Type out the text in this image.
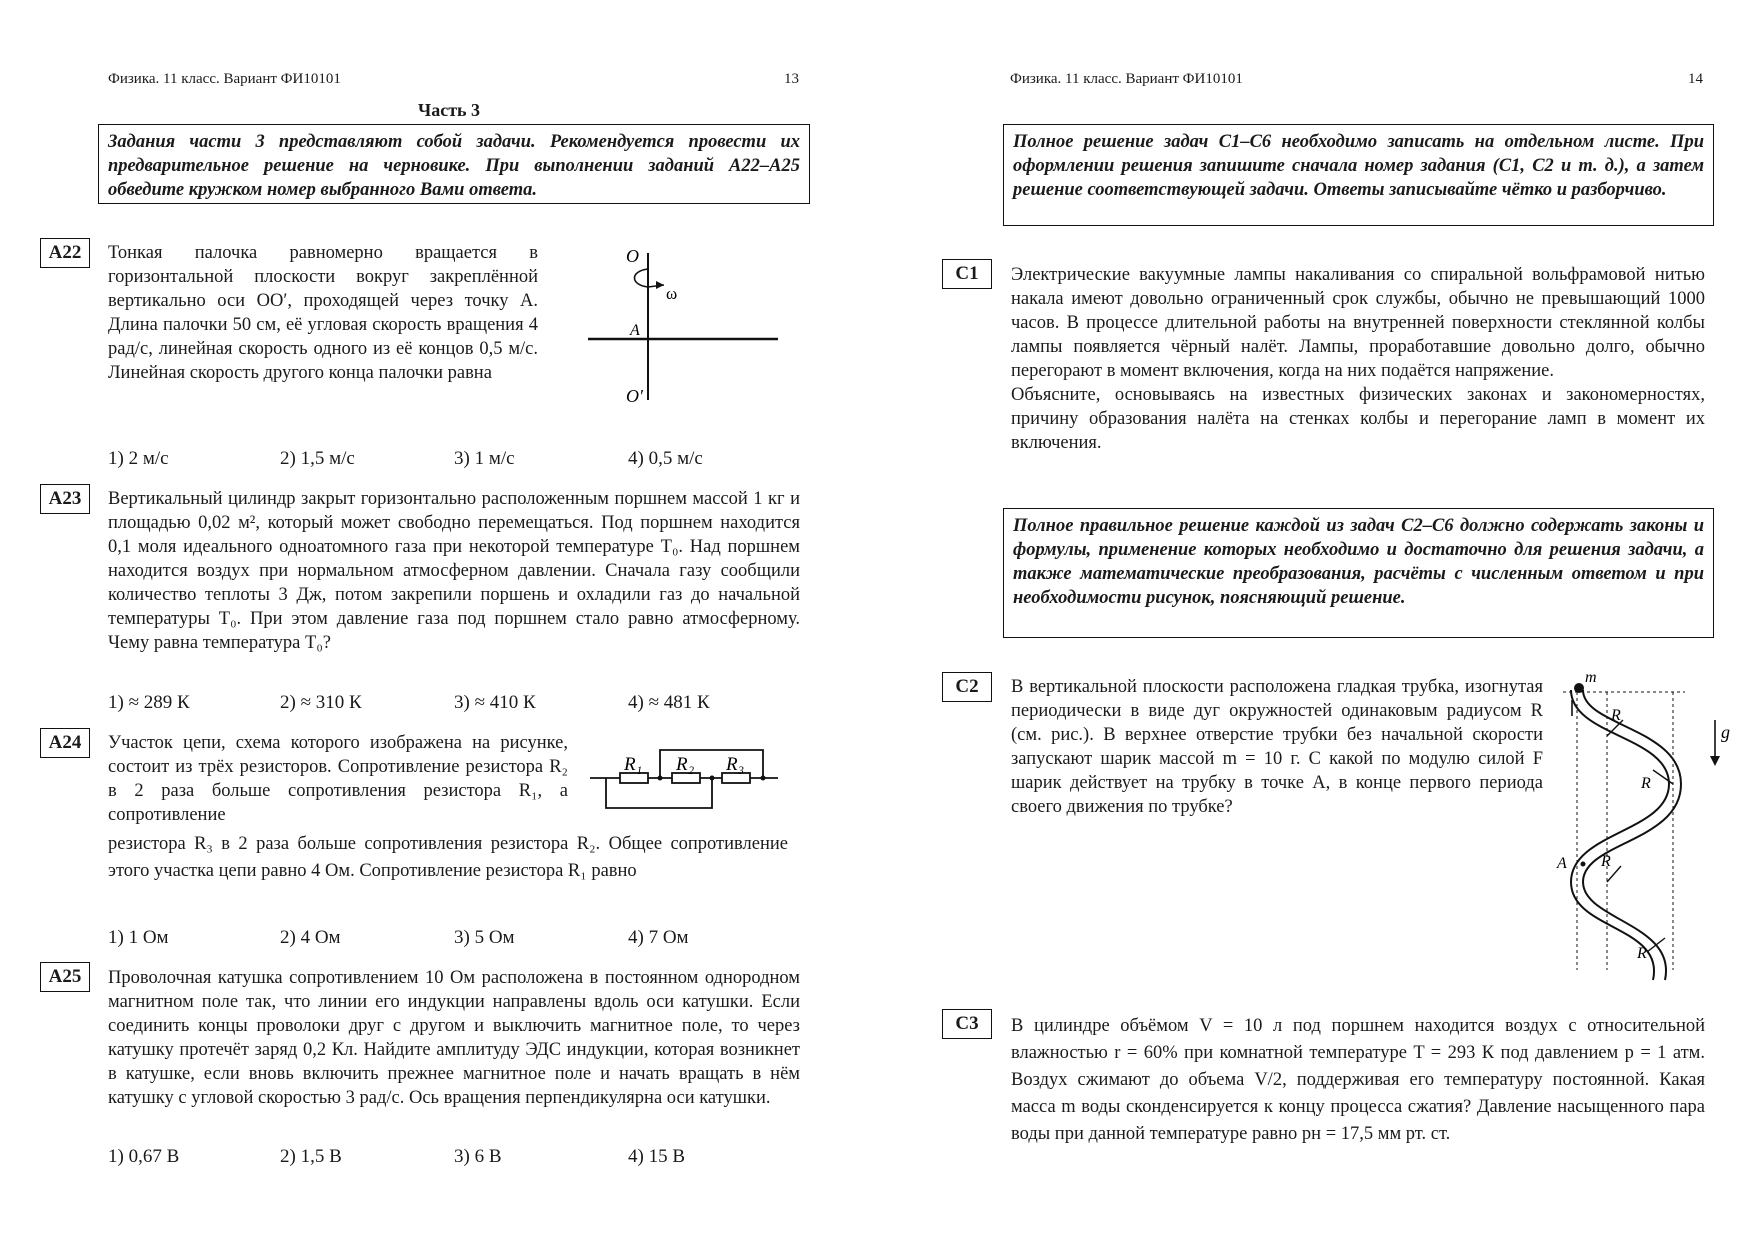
Физика. 11 класс. Вариант ФИ10101	13
Часть 3
Задания части 3 представляют собой задачи. Рекомендуется провести их предварительное решение на черновике. При выполнении заданий А22–А25 обведите кружком номер выбранного Вами ответа.
A22	Тонкая палочка равномерно вращается в горизонтальной плоскости вокруг закреплённой вертикально оси OO′, проходящей через точку A. Длина палочки 50 см, её угловая скорость вращения 4 рад/с, линейная скорость одного из её концов 0,5 м/с. Линейная скорость другого конца палочки равна
O
ω
A
O′
1) 2 м/с	2) 1,5 м/с	3) 1 м/с	4) 0,5 м/с
A23	Вертикальный цилиндр закрыт горизонтально расположенным поршнем массой 1 кг и площадью 0,02 м², который может свободно перемещаться. Под поршнем находится 0,1 моля идеального одноатомного газа при некоторой температуре T₀. Над поршнем находится воздух при нормальном атмосферном давлении. Сначала газу сообщили количество теплоты 3 Дж, потом закрепили поршень и охладили газ до начальной температуры T₀. При этом давление газа под поршнем стало равно атмосферному. Чему равна температура T₀?
1) ≈ 289 К	2) ≈ 310 К	3) ≈ 410 К	4) ≈ 481 К
A24	Участок цепи, схема которого изображена на рисунке, состоит из трёх резисторов. Сопротивление резистора R₂ в 2 раза больше сопротивления резистора R₁, а сопротивление
R₁ R₂ R₃
резистора R₃ в 2 раза больше сопротивления резистора R₂. Общее сопротивление этого участка цепи равно 4 Ом. Сопротивление резистора R₁ равно
1) 1 Ом	2) 4 Ом	3) 5 Ом	4) 7 Ом
A25	Проволочная катушка сопротивлением 10 Ом расположена в постоянном однородном магнитном поле так, что линии его индукции направлены вдоль оси катушки. Если соединить концы проволоки друг с другом и выключить магнитное поле, то через катушку протечёт заряд 0,2 Кл. Найдите амплитуду ЭДС индукции, которая возникнет в катушке, если вновь включить прежнее магнитное поле и начать вращать в нём катушку с угловой скоростью 3 рад/с. Ось вращения перпендикулярна оси катушки.
1) 0,67 В	2) 1,5 В	3) 6 В	4) 15 В
Физика. 11 класс. Вариант ФИ10101	14
Полное решение задач С1–С6 необходимо записать на отдельном листе. При оформлении решения запишите сначала номер задания (С1, С2 и т. д.), а затем решение соответствующей задачи. Ответы записывайте чётко и разборчиво.
C1	Электрические вакуумные лампы накаливания со спиральной вольфрамовой нитью накала имеют довольно ограниченный срок службы, обычно не превышающий 1000 часов. В процессе длительной работы на внутренней поверхности стеклянной колбы лампы появляется чёрный налёт. Лампы, проработавшие довольно долго, обычно перегорают в момент включения, когда на них подаётся напряжение.

Объясните, основываясь на известных физических законах и закономерностях, причину образования налёта на стенках колбы и перегорание ламп в момент их включения.

Полное правильное решение каждой из задач С2–С6 должно содержать законы и формулы, применение которых необходимо и достаточно для решения задачи, а также математические преобразования, расчёты с численным ответом и при необходимости рисунок, поясняющий решение.
C2	В вертикальной плоскости расположена гладкая трубка, изогнутая периодически в виде дуг окружностей одинаковым радиусом R (см. рис.). В верхнее отверстие трубки без начальной скорости запускают шарик массой m = 10 г. С какой по модулю силой F шарик действует на трубку в точке A, в конце первого периода своего движения по трубке?
m
R
R
R
R
g
A
C3	В цилиндре объёмом V = 10 л под поршнем находится воздух с относительной влажностью r = 60% при комнатной температуре T = 293 К под давлением p = 1 атм. Воздух сжимают до объема V/2, поддерживая его температуру постоянной. Какая масса m воды сконденсируется к концу процесса сжатия? Давление насыщенного пара воды при данной температуре равно pн = 17,5 мм рт. ст.
